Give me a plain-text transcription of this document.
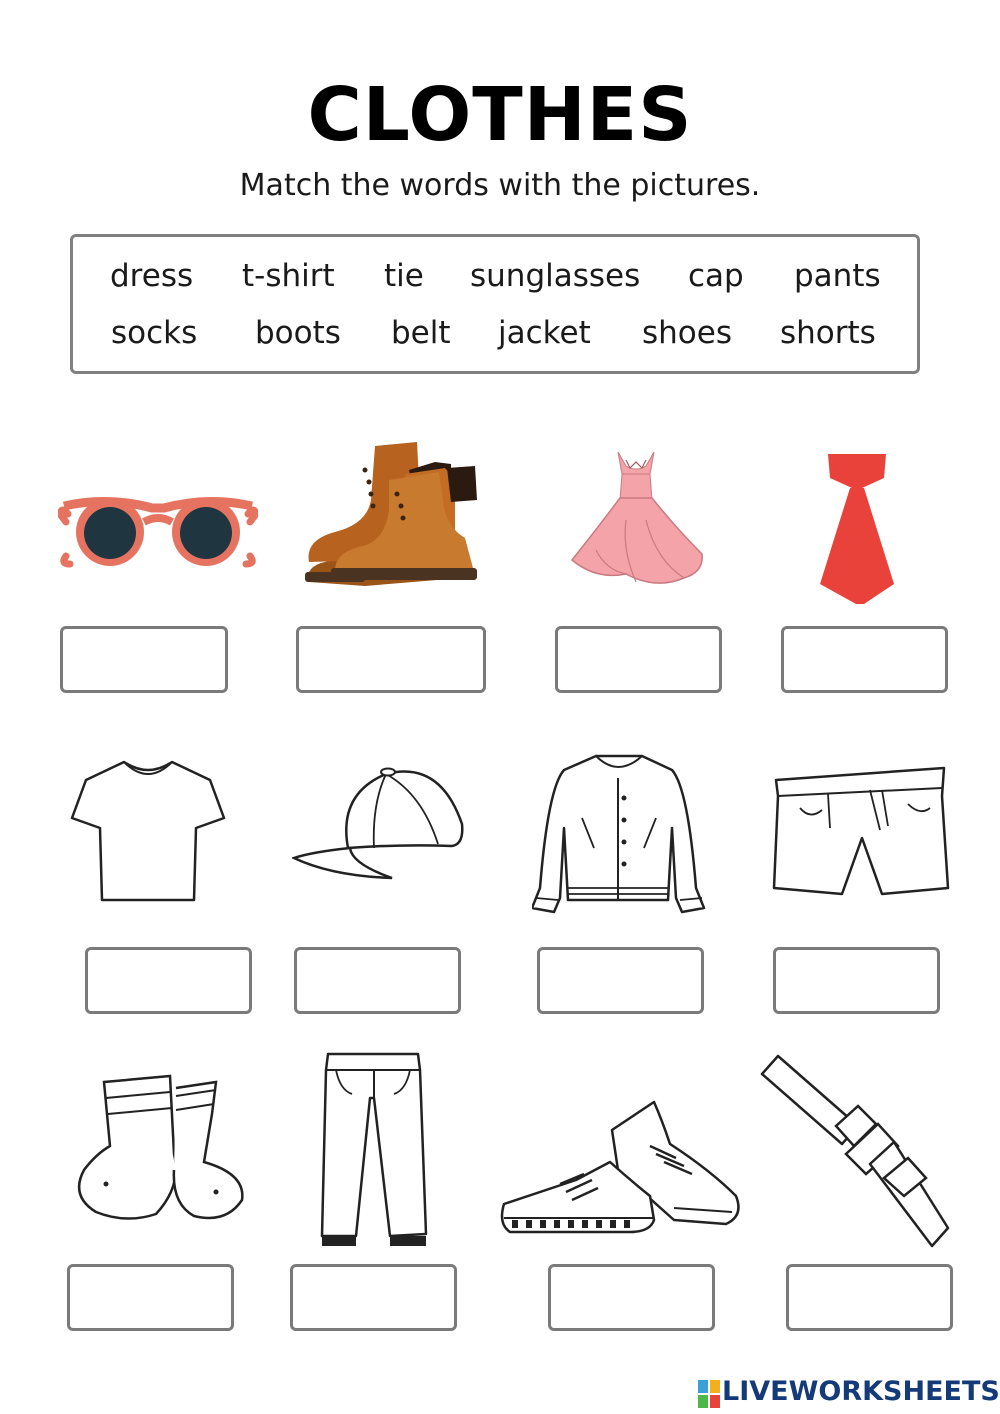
CLOTHES
Match the words with the pictures.
dress t-shirt tie sunglasses cap pants
socks boots belt jacket shoes shorts
LIVEWORKSHEETS
